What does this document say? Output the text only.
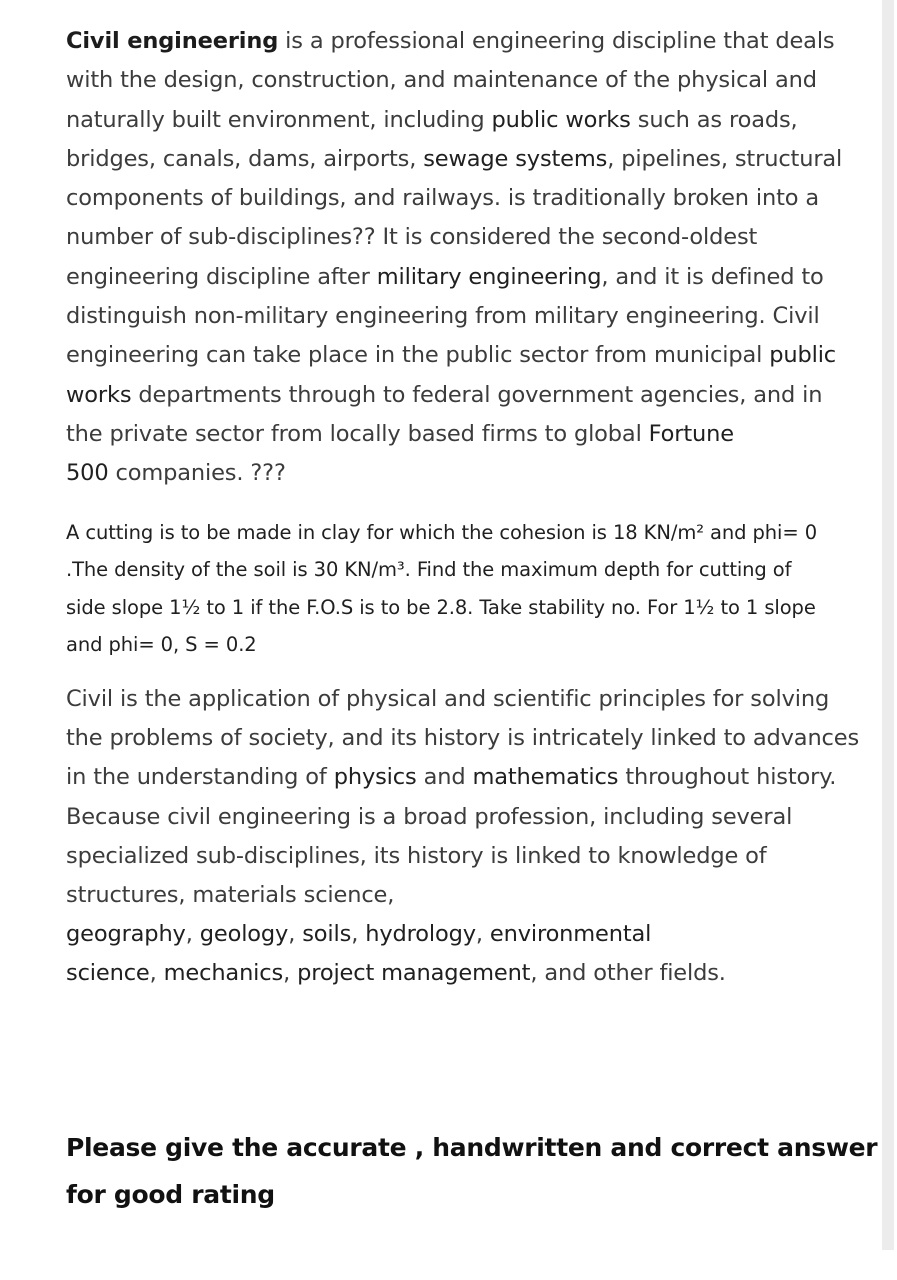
Civil engineering is a professional engineering discipline that deals
with the design, construction, and maintenance of the physical and
naturally built environment, including public works such as roads,
bridges, canals, dams, airports, sewage systems, pipelines, structural
components of buildings, and railways. is traditionally broken into a
number of sub-disciplines?? It is considered the second-oldest
engineering discipline after military engineering, and it is defined to
distinguish non-military engineering from military engineering. Civil
engineering can take place in the public sector from municipal public
works departments through to federal government agencies, and in
the private sector from locally based firms to global Fortune
500 companies. ???
A cutting is to be made in clay for which the cohesion is 18 KN/m² and phi= 0
.The density of the soil is 30 KN/m³. Find the maximum depth for cutting of
side slope 1½ to 1 if the F.O.S is to be 2.8. Take stability no. For 1½ to 1 slope
and phi= 0, S = 0.2
Civil is the application of physical and scientific principles for solving
the problems of society, and its history is intricately linked to advances
in the understanding of physics and mathematics throughout history.
Because civil engineering is a broad profession, including several
specialized sub-disciplines, its history is linked to knowledge of
structures, materials science,
geography, geology, soils, hydrology, environmental
science, mechanics, project management, and other fields.
Please give the accurate , handwritten and correct answer
for good rating
